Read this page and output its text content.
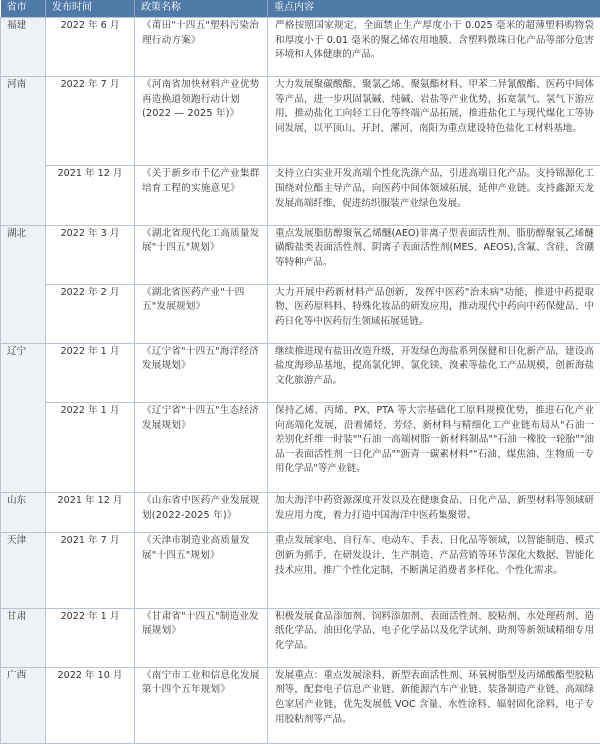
省市	发布时间	政策名称	重点内容
福建	2022 年 6 月	《莆田"十四五"塑料污染治理行动方案》	严格按照国家规定，全面禁止生产厚度小于 0.025 毫米的超薄塑料购物袋和厚度小于 0.01 毫米的聚乙烯农用地膜、含塑料微珠日化产品等部分危害环境和人体健康的产品。
河南	2022 年 7 月	《河南省加快材料产业优势再造换道领跑行动计划(2022 — 2025 年)》	大力发展聚碳酸酯、聚氯乙烯、聚氨酯材料、甲苯二异氰酸酯、医药中间体等产品，进一步巩固氯碱、纯碱、岩盐等产业优势，拓宽氯气、氢气下游应用，推动盐化工向轻工日化等终端产品拓展，推进盐化工与现代煤化工等协同发展，以平顶山、开封、漯河、南阳为重点建设特色盐化工材料基地。
	2021 年 12 月	《关于新乡市千亿产业集群培育工程的实施意见》	支持立白实业开发高端个性化洗涤产品，引进高端日化产品。支持锦源化工围绕对位酯主导产品，向医药中间体领域拓展，延伸产业链。支持鑫源天龙发展高端纤维，促进纺织服装产业绿色发展。
湖北	2022 年 3 月	《湖北省现代化工高质量发展"十四五"规划》	重点发展脂肪醇聚氧乙烯醚(AEO)非离子型表面活性剂、脂肪醇聚氧乙烯醚磺酸盐类表面活性剂、阴离子表面活性剂(MES、AEOS),含氟、含硅、含硼等特种产品。
	2022 年 2 月	《湖北省医药产业"十四五"发展规划》	大力开展中药新材料产品创新，发挥中医药"治未病"功能，推进中药提取物、医药原料料、特殊化妆品的研发应用，推动现代中药向中药保健品、中药日化等中医药衍生领域拓展延链。
辽宁	2022 年 1 月	《辽宁省"十四五"海洋经济发展规划》	继续推进现有盐田改造升级，开发绿色海盐系列保健和日化新产品，建设高盐度海珍品基地，提高氯化钾、氯化镁、溴素等盐化工产品规模，创新海盐文化旅游产品。
	2022 年 1 月	《辽宁省"十四五"生态经济发展规划》	保持乙烯、丙烯、PX、PTA 等大宗基础化工原料规模优势，推进石化产业向高端化发展，沿着烯烃、芳烃、新材料与精细化工产业链布局从"石油一差别化纤维一时装""石油一高端树脂一新材料制品""石油一橡胶一轮胎""油品一表面活性剂一日化产品""沥青一碳素材料""石油、煤焦油、生物质一专用化学品"等产业链。
山东	2021 年 12 月	《山东省中医药产业发展规划(2022-2025 年)》	加大海洋中药资源深度开发以及在健康食品、日化产品、新型材料等领域研发应用力度，着力打造中国海洋中医药集聚带。
天津	2021 年 7 月	《天津市制造业高质量发展"十四五"规划》	重点发展家电、自行车、电动车、手表、日化品等领域，以智能制造、模式创新为抓手，在研发设计、生产制造、产品营销等环节深化大数据、智能化技术应用，推广个性化定制，不断满足消费者多样化、个性化需求。
甘肃	2022 年 1 月	《甘肃省"十四五"制造业发展规划》	积极发展食品添加剂、饲料添加剂、表面活性剂、胶粘剂、水处理药剂、造纸化学品、油田化学品、电子化学品以及化学试剂、助剂等新领域精细专用化学品。
广西	2022 年 10 月	《南宁市工业和信息化发展第十四个五年规划》	发展重点：重点发展涂料、新型表面活性剂、环氧树脂型及丙烯酸酯型胶粘剂等，配套电子信息产业链、新能源汽车产业链、装备制造产业链、高端绿色家居产业链，优先发展低 VOC 含量、水性涂料、辐射固化涂料，电子专用胶粘剂等产品。
